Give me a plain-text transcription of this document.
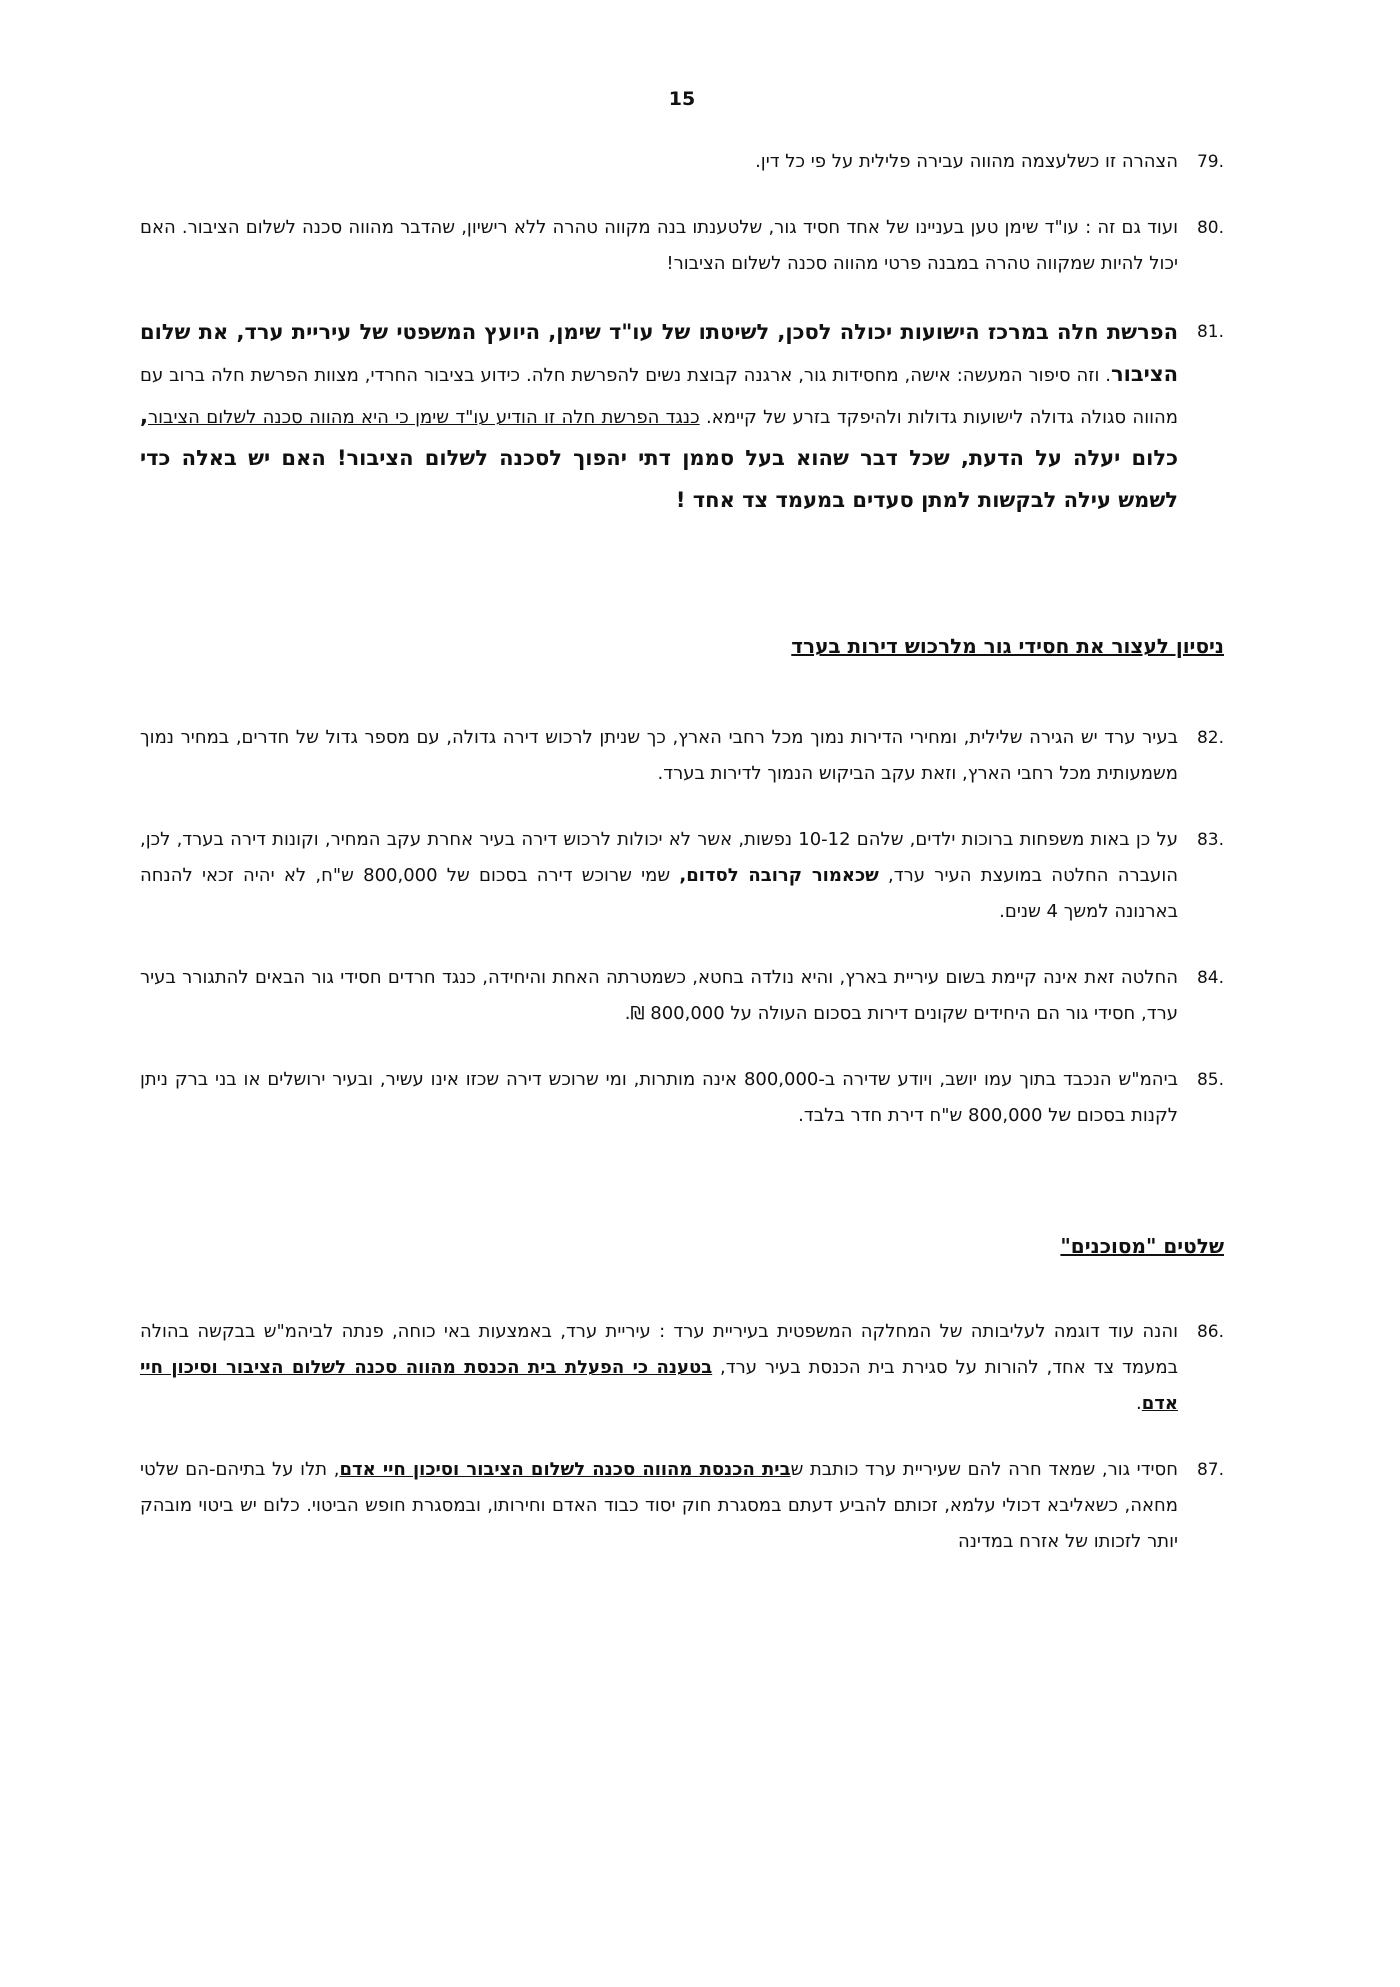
15

79.
הצהרה זו כשלעצמה מהווה עבירה פלילית על פי כל דין.

80.
ועוד גם זה : עו"ד שימן טען בעניינו של אחד חסיד גור, שלטענתו בנה מקווה טהרה ללא רישיון, שהדבר מהווה סכנה לשלום הציבור. האם יכול להיות שמקווה טהרה במבנה פרטי מהווה סכנה לשלום הציבור!

81.
הפרשת חלה במרכז הישועות יכולה לסכן, לשיטתו של עו"ד שימן, היועץ המשפטי של עיריית ערד, את שלום הציבור. וזה סיפור המעשה: אישה, מחסידות גור, ארגנה קבוצת נשים להפרשת חלה. כידוע בציבור החרדי, מצוות הפרשת חלה ברוב עם מהווה סגולה גדולה לישועות גדולות ולהיפקד בזרע של קיימא. כנגד הפרשת חלה זו הודיע עו"ד שימן כי היא מהווה סכנה לשלום הציבור, כלום יעלה על הדעת, שכל דבר שהוא בעל סממן דתי יהפוך לסכנה לשלום הציבור! האם יש באלה כדי לשמש עילה לבקשות למתן סעדים במעמד צד אחד !

ניסיון לעצור את חסידי גור מלרכוש דירות בערד

82.
בעיר ערד יש הגירה שלילית, ומחירי הדירות נמוך מכל רחבי הארץ, כך שניתן לרכוש דירה גדולה, עם מספר גדול של חדרים, במחיר נמוך משמעותית מכל רחבי הארץ, וזאת עקב הביקוש הנמוך לדירות בערד.

83.
על כן באות משפחות ברוכות ילדים, שלהם 10-12 נפשות, אשר לא יכולות לרכוש דירה בעיר אחרת עקב המחיר, וקונות דירה בערד, לכן, הועברה החלטה במועצת העיר ערד, שכאמור קרובה לסדום, שמי שרוכש דירה בסכום של 800,000 ש"ח, לא יהיה זכאי להנחה בארנונה למשך 4 שנים.

84.
החלטה זאת אינה קיימת בשום עיריית בארץ, והיא נולדה בחטא, כשמטרתה האחת והיחידה, כנגד חרדים חסידי גור הבאים להתגורר בעיר ערד, חסידי גור הם היחידים שקונים דירות בסכום העולה על 800,000 ₪.

85.
ביהמ"ש הנכבד בתוך עמו יושב, ויודע שדירה ב-800,000 אינה מותרות, ומי שרוכש דירה שכזו אינו עשיר, ובעיר ירושלים או בני ברק ניתן לקנות בסכום של 800,000 ש"ח דירת חדר בלבד.

שלטים "מסוכנים"

86.
והנה עוד דוגמה לעליבותה של המחלקה המשפטית בעיריית ערד : עיריית ערד, באמצעות באי כוחה, פנתה לביהמ"ש בבקשה בהולה במעמד צד אחד, להורות על סגירת בית הכנסת בעיר ערד, בטענה כי הפעלת בית הכנסת מהווה סכנה לשלום הציבור וסיכון חיי אדם.

87.
חסידי גור, שמאד חרה להם שעיריית ערד כותבת שבית הכנסת מהווה סכנה לשלום הציבור וסיכון חיי אדם, תלו על בתיהם-הם שלטי מחאה, כשאליבא דכולי עלמא, זכותם להביע דעתם במסגרת חוק יסוד כבוד האדם וחירותו, ובמסגרת חופש הביטוי. כלום יש ביטוי מובהק יותר לזכותו של אזרח במדינה
